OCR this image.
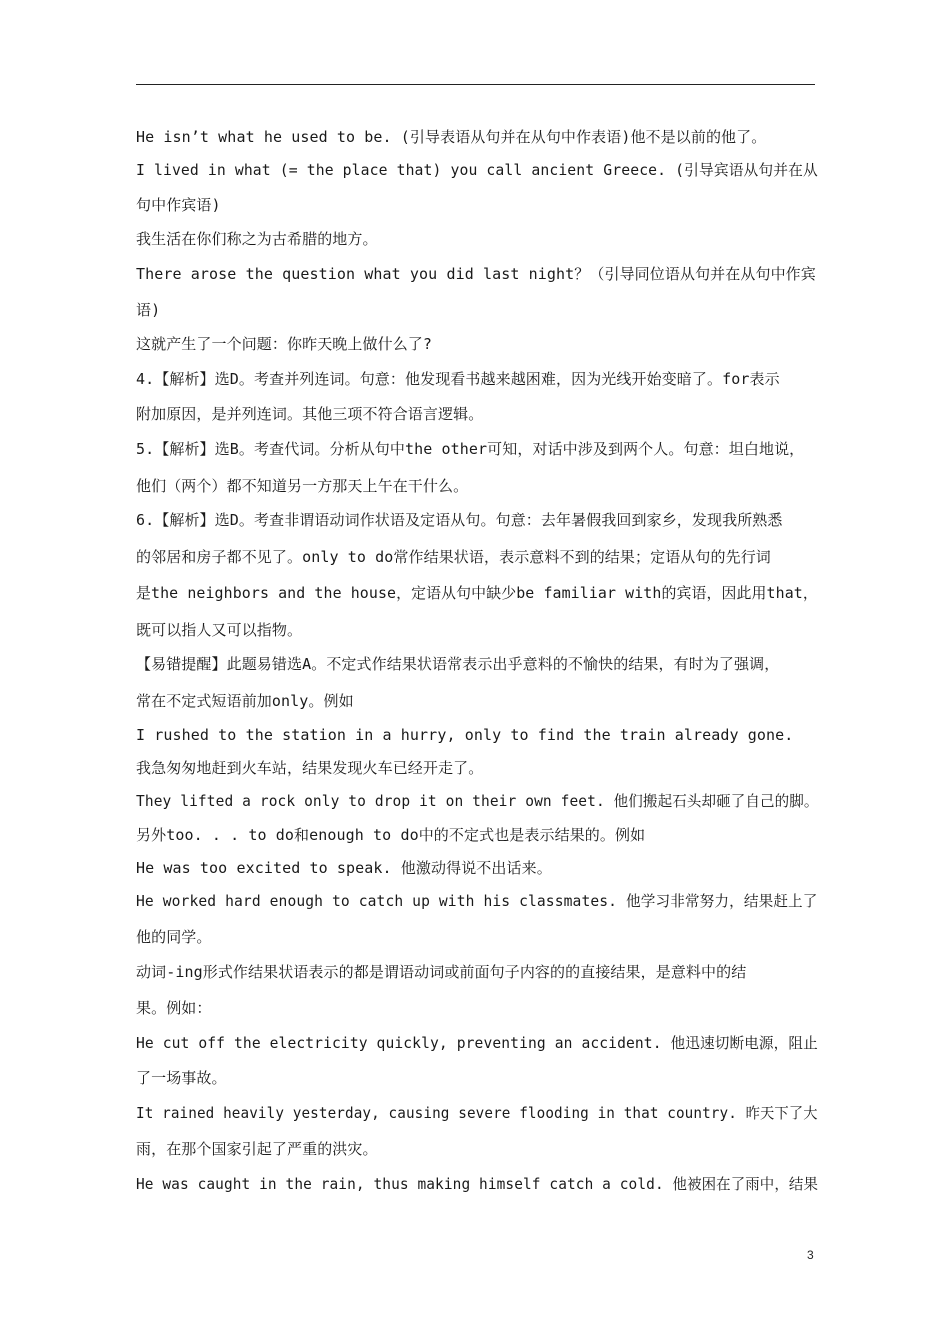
He isn’t what he used to be. (引导表语从句并在从句中作表语)他不是以前的他了。
I lived in what (= the place that) you call ancient Greece. (引导宾语从句并在从
句中作宾语)
我生活在你们称之为古希腊的地方。
There arose the question what you did last night？（引导同位语从句并在从句中作宾
语)
这就产生了一个问题：你昨天晚上做什么了?
4.【解析】选D。考查并列连词。句意：他发现看书越来越困难，因为光线开始变暗了。for表示
附加原因，是并列连词。其他三项不符合语言逻辑。
5.【解析】选B。考查代词。分析从句中the other可知，对话中涉及到两个人。句意：坦白地说，
他们（两个）都不知道另一方那天上午在干什么。
6.【解析】选D。考查非谓语动词作状语及定语从句。句意：去年暑假我回到家乡，发现我所熟悉
的邻居和房子都不见了。only to do常作结果状语，表示意料不到的结果；定语从句的先行词
是the neighbors and the house，定语从句中缺少be familiar with的宾语，因此用that，
既可以指人又可以指物。
【易错提醒】此题易错选A。不定式作结果状语常表示出乎意料的不愉快的结果，有时为了强调，
常在不定式短语前加only。例如
I rushed to the station in a hurry, only to find the train already gone.
我急匆匆地赶到火车站，结果发现火车已经开走了。
They lifted a rock only to drop it on their own feet. 他们搬起石头却砸了自己的脚。
另外too. . . to do和enough to do中的不定式也是表示结果的。例如
He was too excited to speak. 他激动得说不出话来。
He worked hard enough to catch up with his classmates. 他学习非常努力，结果赶上了
他的同学。
动词-ing形式作结果状语表示的都是谓语动词或前面句子内容的的直接结果，是意料中的结
果。例如：
He cut off the electricity quickly, preventing an accident. 他迅速切断电源，阻止
了一场事故。
It rained heavily yesterday, causing severe flooding in that country. 昨天下了大
雨，在那个国家引起了严重的洪灾。
He was caught in the rain, thus making himself catch a cold. 他被困在了雨中，结果
3
